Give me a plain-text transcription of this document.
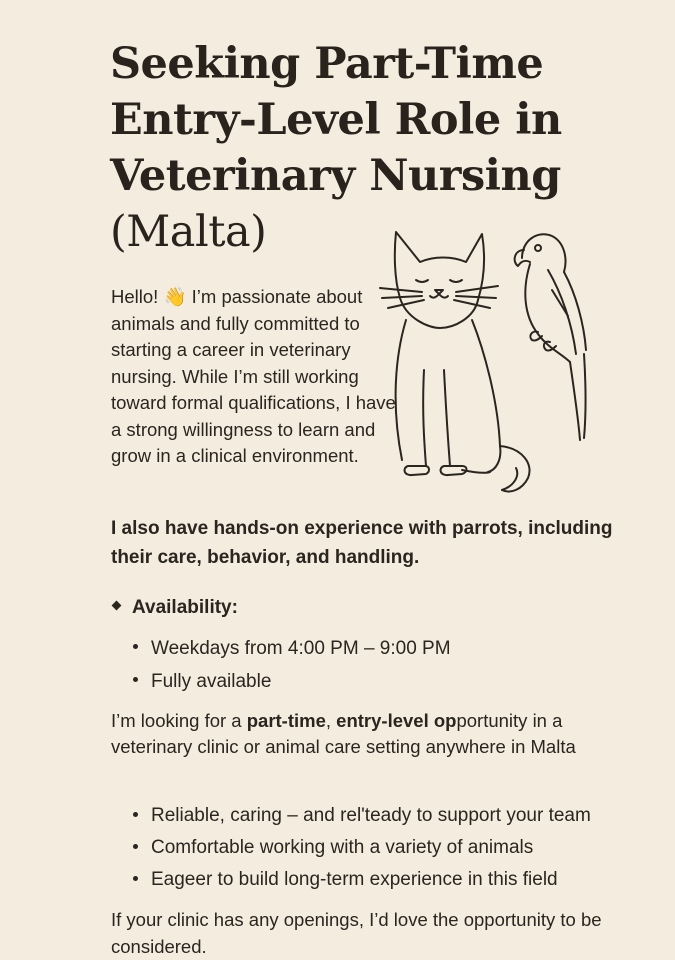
Seeking Part-Time Entry-Level Role in Veterinary Nursing
(Malta)

Hello! 👋 I’m passionate about animals and fully committed to starting a career in veterinary nursing. While I’m still working toward formal qualifications, I have a strong willingness to learn and grow in a clinical environment.

I also have hands-on experience with parrots, including their care, behavior, and handling.

Availability:
Weekdays from 4:00 PM – 9:00 PM
Fully available

I’m looking for a part-time, entry-level opportunity in a veterinary clinic or animal care setting anywhere in Malta

Reliable, caring – and rel'teady to support your team
Comfortable working with a variety of animals
Eageer to build long-term experience in this field

If your clinic has any openings, I’d love the opportunity to be considered.
